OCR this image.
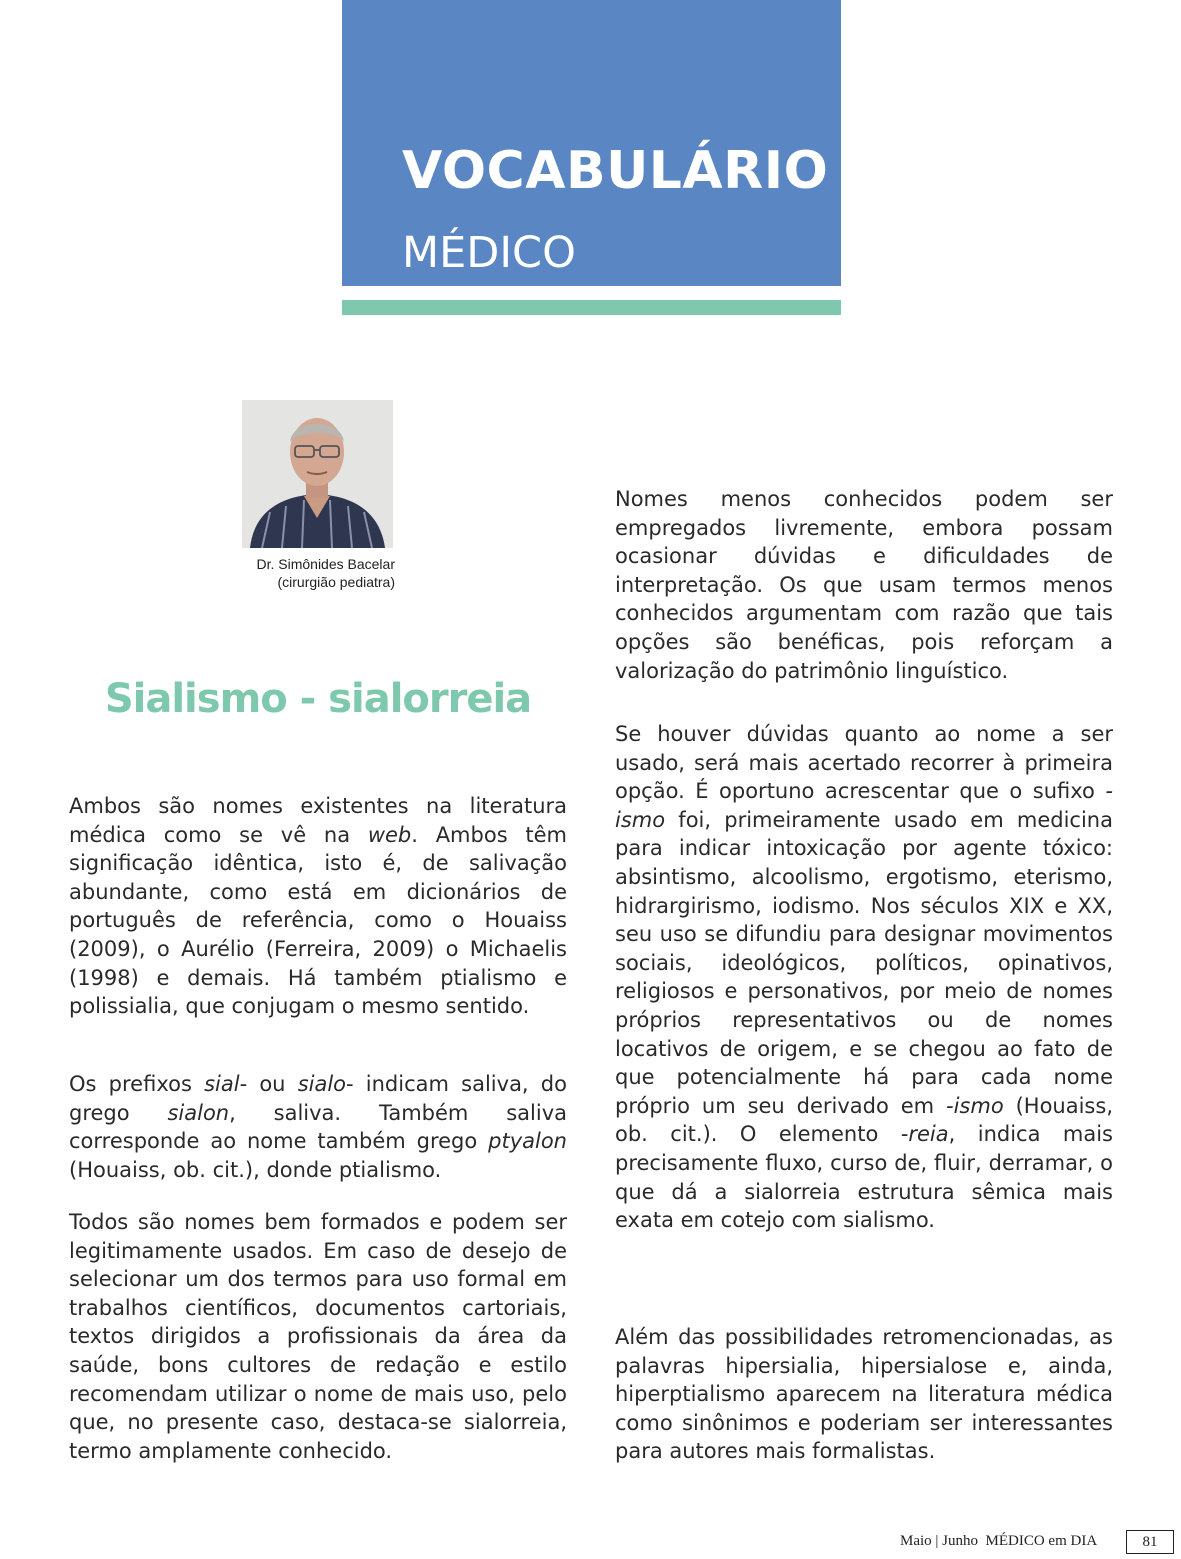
VOCABULÁRIO
MÉDICO
Dr. Simônides Bacelar
(cirurgião pediatra)
Sialismo - sialorreia

Ambos são nomes existentes na literatura médica como se vê na web. Ambos têm significação idêntica, isto é, de salivação abundante, como está em dicionários de português de referência, como o Houaiss (2009), o Aurélio (Ferreira, 2009) o Michaelis (1998) e demais. Há também ptialismo e polissialia, que conjugam o mesmo sentido.

Os prefixos sial- ou sialo- indicam saliva, do grego sialon, saliva. Também saliva corresponde ao nome também grego ptyalon (Houaiss, ob. cit.), donde ptialismo.

Todos são nomes bem formados e podem ser legitimamente usados. Em caso de desejo de selecionar um dos termos para uso formal em trabalhos científicos, documentos cartoriais, textos dirigidos a profissionais da área da saúde, bons cultores de redação e estilo recomendam utilizar o nome de mais uso, pelo que, no presente caso, destaca-se sialorreia, termo amplamente conhecido.

Nomes menos conhecidos podem ser empregados livremente, embora possam ocasionar dúvidas e dificuldades de interpretação. Os que usam termos menos conhecidos argumentam com razão que tais opções são benéficas, pois reforçam a valorização do patrimônio linguístico.

Se houver dúvidas quanto ao nome a ser usado, será mais acertado recorrer à primeira opção. É oportuno acrescentar que o sufixo -ismo foi, primeiramente usado em medicina para indicar intoxicação por agente tóxico: absintismo, alcoolismo, ergotismo, eterismo, hidrargirismo, iodismo. Nos séculos XIX e XX, seu uso se difundiu para designar movimentos sociais, ideológicos, políticos, opinativos, religiosos e personativos, por meio de nomes próprios representativos ou de nomes locativos de origem, e se chegou ao fato de que potencialmente há para cada nome próprio um seu derivado em -ismo (Houaiss, ob. cit.). O elemento -reia, indica mais precisamente fluxo, curso de, fluir, derramar, o que dá a sialorreia estrutura sêmica mais exata em cotejo com sialismo.

Além das possibilidades retromencionadas, as palavras hipersialia, hipersialose e, ainda, hiperptialismo aparecem na literatura médica como sinônimos e poderiam ser interessantes para autores mais formalistas.

Maio | Junho MÉDICO em DIA	81
